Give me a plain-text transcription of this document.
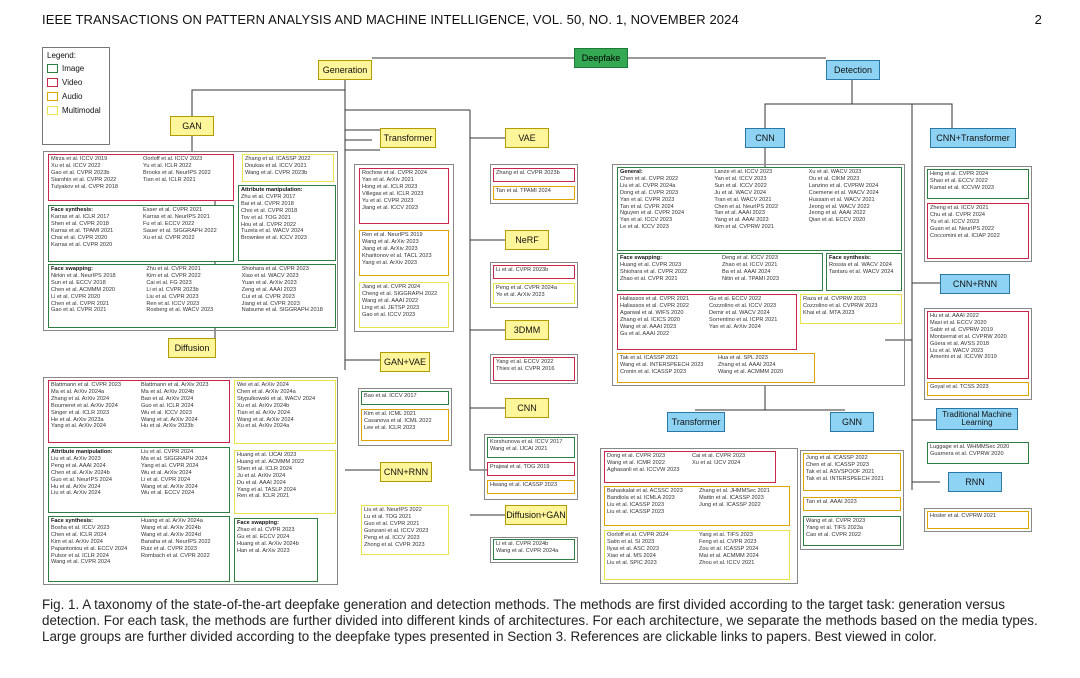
IEEE TRANSACTIONS ON PATTERN ANALYSIS AND MACHINE INTELLIGENCE, VOL. 50, NO. 1, NOVEMBER 2024	2
Legend:
Image
Video
Audio
Multimodal
Deepfake
Generation	Detection
GAN
Diffusion
Transformer	VAE
NeRF
3DMM
CNN
GAN+VAE
CNN+RNN
Diffusion+GAN
CNN	CNN+Transformer
CNN+RNN
Transformer	GNN
Traditional Machine Learning
RNN
Mirza et al. ICCV 2019
Xu et al. ICCV 2022
Gao et al. CVPR 2023b
Siarohin et al. CVPR 2022
Tulyakov et al. CVPR 2018
Oorloff et al. ICCV 2023
Yu et al. ICLR 2022
Brooks et al. NeurIPS 2022
Tian et al. ICLR 2021
Zhang et al. ICASSP 2022
Doukas et al. ICCV 2021
Wang et al. CVPR 2023b
Attribute manipulation:
Zhu et al. CVPR 2017
Bai et al. CVPR 2018
Choi et al. CVPR 2018
Tov et al. TOG 2021
Hou et al. CVPR 2022
Tuzela et al. WACV 2024
Brownlee et al. ICCV 2023
Face synthesis:
Karras et al. ICLR 2017
Shen et al. CVPR 2018
Karras et al. TPAMI 2021
Chai et al. CVPR 2020
Karras et al. CVPR 2020
Esser et al. CVPR 2021
Karras et al. NeurIPS 2021
Fu et al. ECCV 2022
Sauer et al. SIGGRAPH 2022
Xu et al. CVPR 2022
Face swapping:
Nirkin et al. NeurIPS 2018
Sun et al. ECCV 2018
Chen et al. ACMMM 2020
Li et al. CVPR 2020
Chen et al. CVPR 2021
Gao et al. CVPR 2021
Zhu et al. CVPR 2021
Kim et al. CVPR 2022
Cai et al. FG 2023
Li et al. CVPR 2023b
Liu et al. CVPR 2023
Ren et al. ICCV 2023
Rosberg et al. WACV 2023
Shiohara et al. CVPR 2023
Xiao et al. WACV 2023
Yuan et al. ArXiv 2023
Zeng et al. AAAI 2023
Cui et al. CVPR 2023
Jiang et al. CVPR 2023
Natsume et al. SIGGRAPH 2018
Blattmann et al. CVPR 2023
Ma et al. ArXiv 2024a
Zhang et al. ArXiv 2024
Bourneret et al. ArXiv 2024
Singer et al. ICLR 2023
He et al. ArXiv 2023a
Yang et al. ArXiv 2024
Blattmann et al. ArXiv 2023
Ma et al. ArXiv 2024b
Bao et al. ArXiv 2024
Guo et al. ICLR 2024
Wu et al. ICCV 2023
Wang et al. ArXiv 2024
Hu et al. ArXiv 2023b
Wei et al. ArXiv 2024
Chen et al. ArXiv 2024a
Stypulkowski et al. WACV 2024
Xu et al. ArXiv 2024b
Tian et al. ArXiv 2024
Wang et al. ArXiv 2024
Xu et al. ArXiv 2024a
Attribute manipulation:
Liu et al. ArXiv 2023
Peng et al. AAAI 2024
Chen et al. ArXiv 2024b
Guo et al. NeurIPS 2024
Hu et al. ArXiv 2024
Liu et al. ArXiv 2024
Liu et al. CVPR 2024
Ma et al. SIGGRAPH 2024
Yang et al. CVPR 2024
Wu et al. ArXiv 2024
Li et al. CVPR 2024
Wang et al. ArXiv 2024
Wu et al. ECCV 2024
Huang et al. IJCAI 2023
Huang et al. ACMMM 2022
Shen et al. ICLR 2024
Ju et al. ArXiv 2024
Du et al. AAAI 2024
Yang et al. TASLP 2024
Ren et al. ICLR 2021
Face synthesis:
Bosha et al. ICCV 2023
Chen et al. ICLR 2024
Kim et al. ArXiv 2024
Papantoniou et al. ECCV 2024
Pulsor et al. ICLR 2024
Wang et al. CVPR 2024
Huang et al. ArXiv 2024a
Wang et al. ArXiv 2024b
Wang et al. ArXiv 2024d
Banaha et al. NeurIPS 2022
Ruiz et al. CVPR 2023
Rombach et al. CVPR 2022
Face swapping:
Zhao et al. CVPR 2023
Gu et al. ECCV 2024
Huang et al. ArXiv 2024b
Han et al. ArXiv 2023
Rochow et al. CVPR 2024
Yan et al. ArXiv 2021
Hong et al. ICLR 2023
Villegas et al. ICLR 2023
Yu et al. CVPR 2023
Jiang et al. ICCV 2023
Ren et al. NeurIPS 2019
Wang et al. ArXiv 2023
Jiang et al. ArXiv 2023
Kharitonov et al. TACL 2023
Yang et al. ArXiv 2023
Jiang et al. CVPR 2024
Cheng et al. SIGGRAPH 2022
Wang et al. AAAI 2022
Ling et al. JETSP 2023
Gao et al. ICCV 2023
Zhang et al. CVPR 2023b
Tan et al. TPAMI 2024
Li et al. CVPR 2023b
Peng et al. CVPR 2024a
Ye et al. ArXiv 2023
Yang et al. ECCV 2022
Thies et al. CVPR 2016
Korshunova et al. ICCV 2017
Wang et al. IJCAI 2021
Prajwal et al. TOG 2019
Hwang et al. ICASSP 2023
Bao et al. ICCV 2017
Kim et al. ICML 2021
Casanova et al. ICML 2022
Lee et al. ICLR 2023
Liu et al. NeurIPS 2022
Lu et al. TOG 2021
Guo et al. CVPR 2021
Gururani et al. ICCV 2023
Peng et al. ICCV 2023
Zhong et al. CVPR 2023	Li et al. CVPR 2024b
Wang et al. CVPR 2024a
General:
Chen et al. CVPR 2022
Liu et al. CVPR 2024a
Dong et al. CVPR 2023
Yan et al. CVPR 2023
Tan et al. CVPR 2024
Nguyen et al. CVPR 2024
Yan et al. ICCV 2023
Le et al. ICCV 2023
Lanze et al. ICCV 2023
Yan et al. ICCV 2023
Sun et al. ICCV 2022
Ju et al. WACV 2024
Tran et al. WACV 2021
Chen et al. NeurIPS 2022
Tan et al. AAAI 2023
Yang et al. AAAI 2023
Kim et al. CVPRW 2021
Xu et al. WACV 2023
Ou et al. CIKM 2023
Lanzino et al. CVPRW 2024
Coemene et al. WACV 2024
Hussain et al. WACV 2021
Jeong et al. WACV 2022
Jeong et al. AAAI 2022
Qian et al. ECCV 2020
Face swapping:
Huang et al. CVPR 2023
Shiohara et al. CVPR 2022
Zhao et al. CVPR 2021
Deng et al. ICCV 2023
Zhao et al. ICCV 2021
Ba et al. AAAI 2024
Nitin et al. TPAMI 2023
Face synthesis:
Rossia et al. WACV 2024
Tantaru et al. WACV 2024
Haliassos et al. CVPR 2021
Haliassos et al. CVPR 2022
Agarwal et al. WIFS 2020
Zhang et al. ICICS 2020
Wang et al. AAAI 2023
Gu et al. AAAI 2022
Gu et al. ECCV 2022
Cozzolino et al. ICCV 2023
Demir et al. WACV 2024
Sorrentino et al. ICPR 2021
Yan et al. ArXiv 2024
Raza et al. CVPRW 2023
Cozzolino et al. CVPRW 2023
Khai et al. MTA 2023
Tak et al. ICASSP 2021
Wang et al. INTERSPEECH 2023
Cronin et al. ICASSP 2023
Hua et al. SPL 2023
Zhang et al. AAAI 2024
Wang et al. ACMMM 2020
Heng et al. CVPR 2024
Shao et al. ECCV 2022
Kamat et al. ICCVW 2023
Zheng et al. ICCV 2021
Chu et al. CVPR 2024
Yu et al. ICCV 2023
Guan et al. NeurIPS 2022
Coccomini et al. ICIAP 2022
Hu et al. AAAI 2022
Masi et al. ECCV 2020
Sabir et al. CVPRW 2019
Montserrat et al. CVPRW 2020
Güera et al. AVSS 2018
Liu et al. WACV 2023
Amerini et al. ICCVW 2019
Goyal et al. TCSS 2023
Luggage et al. WHMMSec 2020
Guarnera et al. CVPRW 2020
Hosler et al. CVPRW 2021
Dong et al. CVPR 2023
Wang et al. ICMR 2022
Aghasanli et al. ICCVW 2023
Cai et al. CVPR 2023
Xu et al. IJCV 2024
Bahaskalat et al. ACSSC 2023
Bandiola et al. ICMLA 2023
Liu et al. ICASSP 2023
Liu et al. ICASSP 2023
Zhang et al. JHMMSec 2021
Mattin et al. ICASSP 2023
Jung et al. ICASSP 2022
Oorloff et al. CVPR 2024
Satin et al. SI 2023
Ilyas et al. ASC 2023
Xiao et al. MS 2024
Liu et al. SPIC 2023
Yang et al. TIFS 2023
Feng et al. CVPR 2023
Zou et al. ICASSP 2024
Mai et al. ACMMM 2024
Zhou et al. ICCV 2021
Jung et al. ICASSP 2022
Chen et al. ICASSP 2023
Tak et al. ASVSPOOF 2021
Tak et al. INTERSPEECH 2021
Tan et al. AAAI 2023
Wang et al. CVPR 2023
Yang et al. TIFS 2023a
Cao et al. CVPR 2022
Fig. 1. A taxonomy of the state-of-the-art deepfake generation and detection methods. The methods are first divided according to the target task: generation versus detection. For each task, the methods are further divided into different kinds of architectures. For each architecture, we separate the methods based on the media types. Large groups are further divided according to the deepfake types presented in Section 3. References are clickable links to papers. Best viewed in color.
